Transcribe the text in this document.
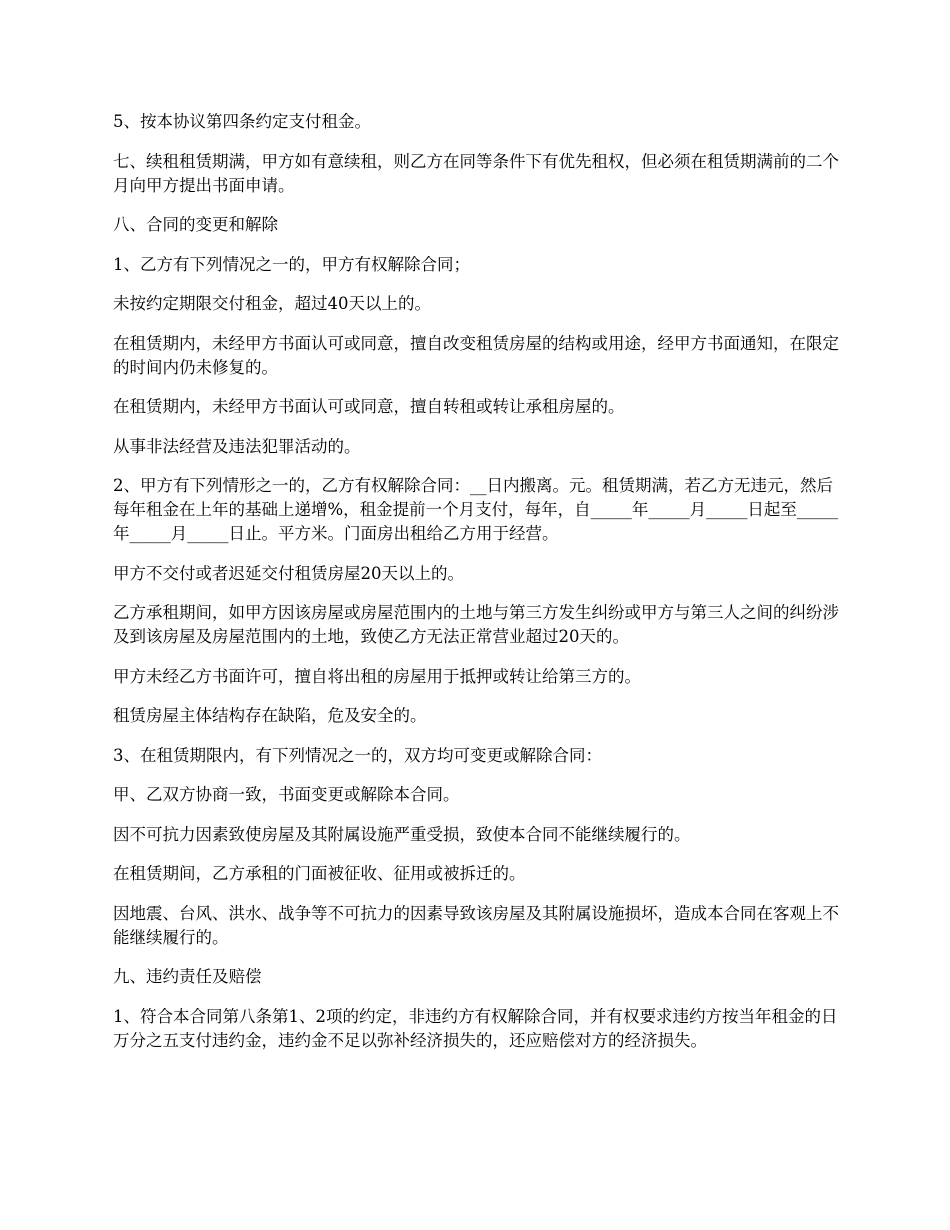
5、按本协议第四条约定支付租金。

七、续租租赁期满，甲方如有意续租，则乙方在同等条件下有优先租权，但必须在租赁期满前的二个月向甲方提出书面申请。

八、合同的变更和解除

1、乙方有下列情况之一的，甲方有权解除合同；

未按约定期限交付租金，超过40天以上的。

在租赁期内，未经甲方书面认可或同意，擅自改变租赁房屋的结构或用途，经甲方书面通知，在限定的时间内仍未修复的。

在租赁期内，未经甲方书面认可或同意，擅自转租或转让承租房屋的。

从事非法经营及违法犯罪活动的。

2、甲方有下列情形之一的，乙方有权解除合同：__日内搬离。元。租赁期满，若乙方无违元，然后每年租金在上年的基础上递增%，租金提前一个月支付，每年，自_____年_____月_____日起至_____年_____月_____日止。平方米。门面房出租给乙方用于经营。

甲方不交付或者迟延交付租赁房屋20天以上的。

乙方承租期间，如甲方因该房屋或房屋范围内的土地与第三方发生纠纷或甲方与第三人之间的纠纷涉及到该房屋及房屋范围内的土地，致使乙方无法正常营业超过20天的。

甲方未经乙方书面许可，擅自将出租的房屋用于抵押或转让给第三方的。

租赁房屋主体结构存在缺陷，危及安全的。

3、在租赁期限内，有下列情况之一的，双方均可变更或解除合同：

甲、乙双方协商一致，书面变更或解除本合同。

因不可抗力因素致使房屋及其附属设施严重受损，致使本合同不能继续履行的。

在租赁期间，乙方承租的门面被征收、征用或被拆迁的。

因地震、台风、洪水、战争等不可抗力的因素导致该房屋及其附属设施损坏，造成本合同在客观上不能继续履行的。

九、违约责任及赔偿

1、符合本合同第八条第1、2项的约定，非违约方有权解除合同，并有权要求违约方按当年租金的日万分之五支付违约金，违约金不足以弥补经济损失的，还应赔偿对方的经济损失。
